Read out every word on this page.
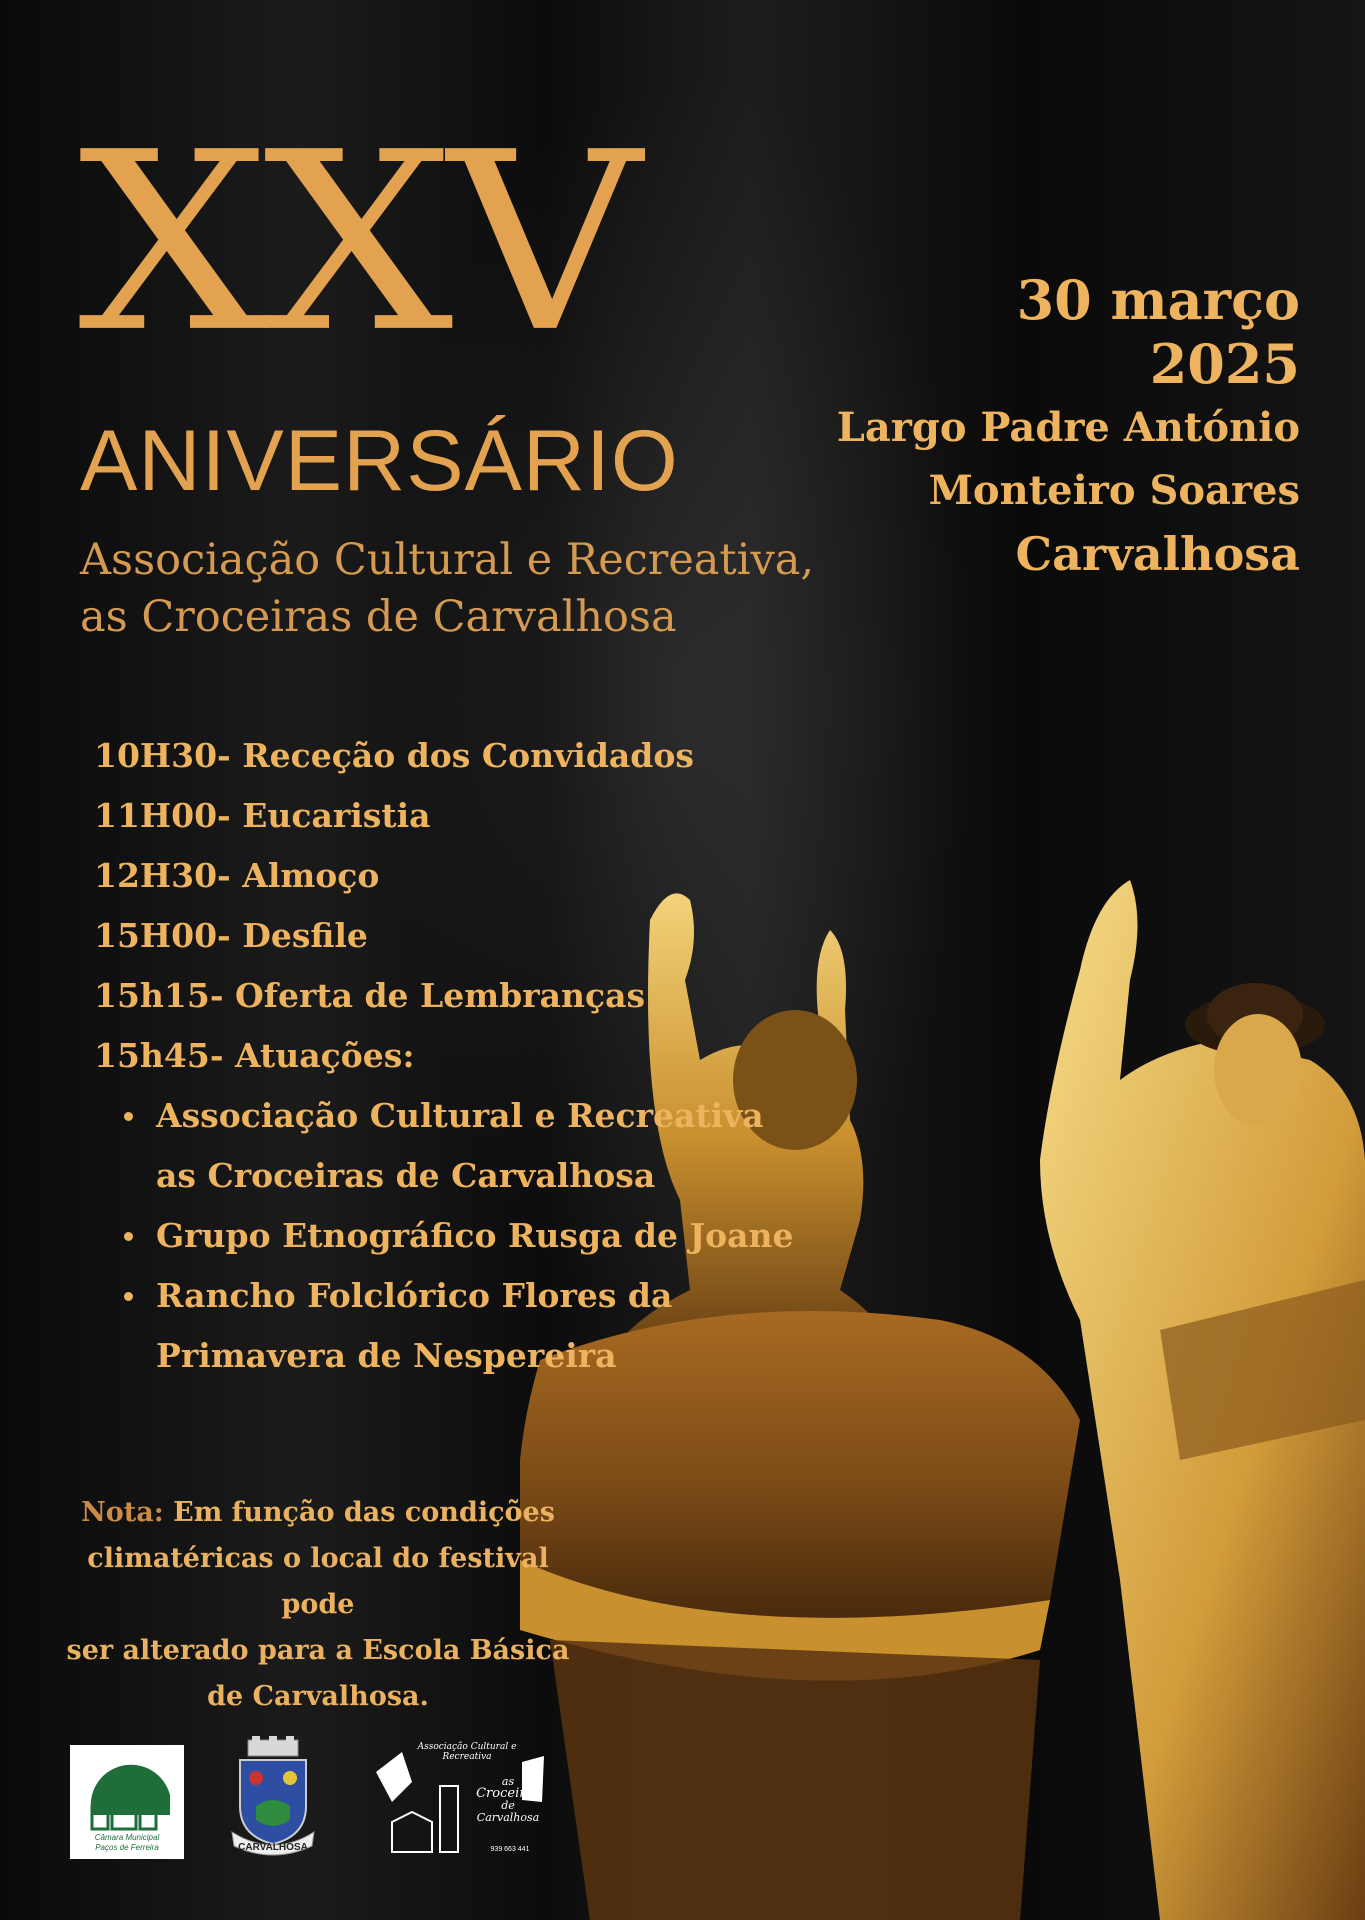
XXV
ANIVERSÁRIO
Associação Cultural e Recreativa,
as Croceiras de Carvalhosa
30 março
2025
Largo Padre António
Monteiro Soares
Carvalhosa
10H30- Receção dos Convidados
11H00- Eucaristia
12H30- Almoço
15H00- Desfile
15h15- Oferta de Lembranças
15h45- Atuações:
Associação Cultural e Recreativa
as Croceiras de Carvalhosa
Grupo Etnográfico Rusga de Joane
Rancho Folclórico Flores da
Primavera de Nespereira
Nota: Em função das condições
climatéricas o local do festival pode
ser alterado para a Escola Básica
de Carvalhosa.
Câmara Municipal
Paços de Ferreira	CARVALHOSA
Associação Cultural e Recreativa
as
Croceiras
de
Carvalhosa
939 663 441
